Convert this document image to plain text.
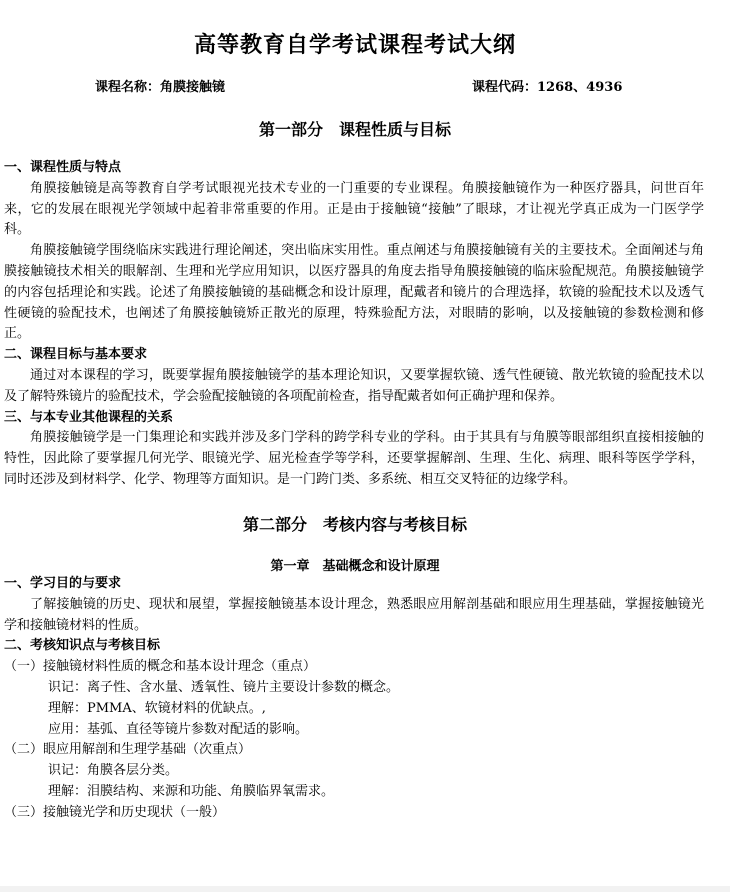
高等教育自学考试课程考试大纲
课程名称：角膜接触镜	课程代码：1268、4936
第一部分　课程性质与目标
一、课程性质与特点
角膜接触镜是高等教育自学考试眼视光技术专业的一门重要的专业课程。角膜接触镜作为一种医疗器具，问世百年来，它的发展在眼视光学领域中起着非常重要的作用。正是由于接触镜“接触”了眼球，才让视光学真正成为一门医学学科。
角膜接触镜学围绕临床实践进行理论阐述，突出临床实用性。重点阐述与角膜接触镜有关的主要技术。全面阐述与角膜接触镜技术相关的眼解剖、生理和光学应用知识，以医疗器具的角度去指导角膜接触镜的临床验配规范。角膜接触镜学的内容包括理论和实践。论述了角膜接触镜的基础概念和设计原理，配戴者和镜片的合理选择，软镜的验配技术以及透气性硬镜的验配技术，也阐述了角膜接触镜矫正散光的原理，特殊验配方法，对眼睛的影响，以及接触镜的参数检测和修正。
二、课程目标与基本要求
通过对本课程的学习，既要掌握角膜接触镜学的基本理论知识，又要掌握软镜、透气性硬镜、散光软镜的验配技术以及了解特殊镜片的验配技术，学会验配接触镜的各项配前检查，指导配戴者如何正确护理和保养。
三、与本专业其他课程的关系
角膜接触镜学是一门集理论和实践并涉及多门学科的跨学科专业的学科。由于其具有与角膜等眼部组织直接相接触的特性，因此除了要掌握几何光学、眼镜光学、屈光检查学等学科，还要掌握解剖、生理、生化、病理、眼科等医学学科，同时还涉及到材料学、化学、物理等方面知识。是一门跨门类、多系统、相互交叉特征的边缘学科。
第二部分　考核内容与考核目标
第一章　基础概念和设计原理
一、学习目的与要求
了解接触镜的历史、现状和展望，掌握接触镜基本设计理念，熟悉眼应用解剖基础和眼应用生理基础，掌握接触镜光学和接触镜材料的性质。
二、考核知识点与考核目标
（一）接触镜材料性质的概念和基本设计理念（重点）
识记：离子性、含水量、透氧性、镜片主要设计参数的概念。
理解：PMMA、软镜材料的优缺点。,
应用：基弧、直径等镜片参数对配适的影响。
（二）眼应用解剖和生理学基础（次重点）
识记：角膜各层分类。
理解：泪膜结构、来源和功能、角膜临界氧需求。
（三）接触镜光学和历史现状（一般）
